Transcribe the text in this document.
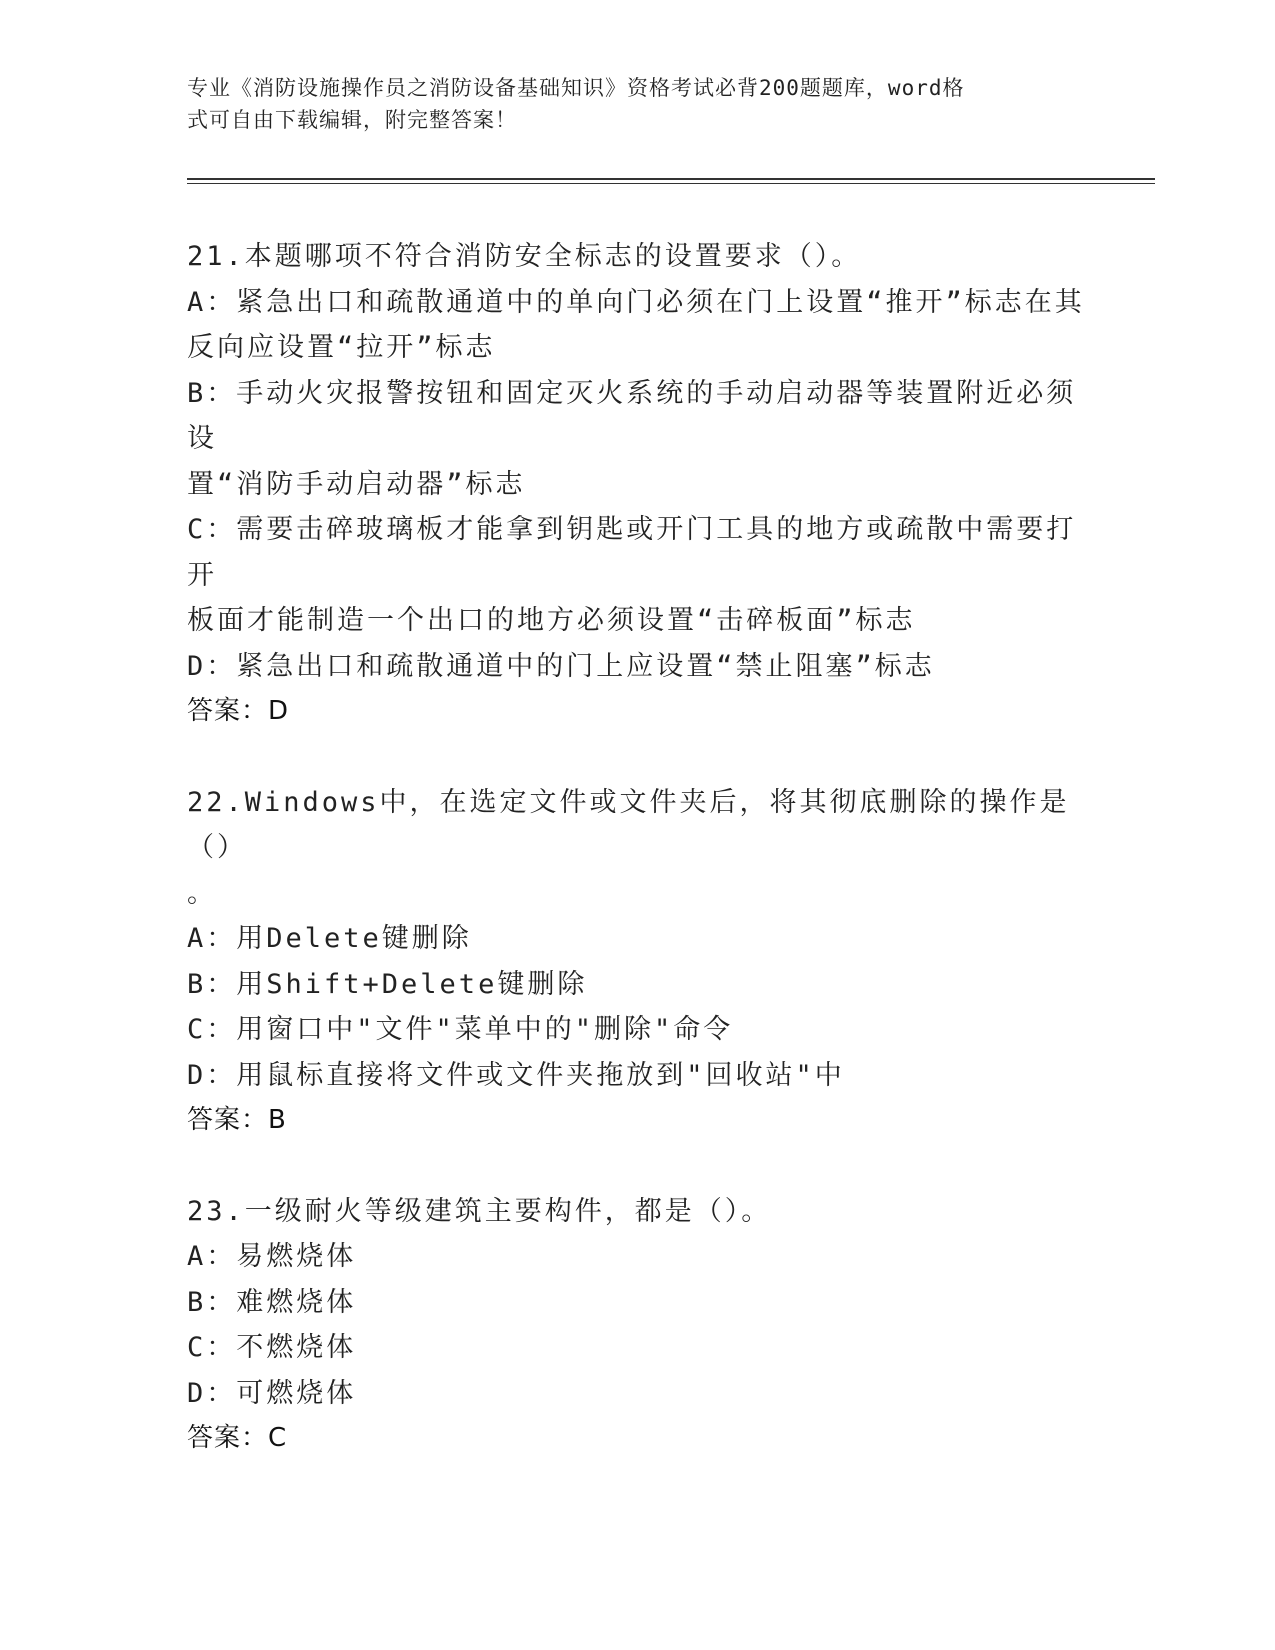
专业《消防设施操作员之消防设备基础知识》资格考试必背200题题库，word格
式可自由下载编辑，附完整答案！

21.本题哪项不符合消防安全标志的设置要求（）。

A：紧急出口和疏散通道中的单向门必须在门上设置“推开”标志在其

反向应设置“拉开”标志

B：手动火灾报警按钮和固定灭火系统的手动启动器等装置附近必须设

置“消防手动启动器”标志

C：需要击碎玻璃板才能拿到钥匙或开门工具的地方或疏散中需要打开

板面才能制造一个出口的地方必须设置“击碎板面”标志

D：紧急出口和疏散通道中的门上应设置“禁止阻塞”标志

答案：D

22.Windows中，在选定文件或文件夹后，将其彻底删除的操作是（）

。

A：用Delete键删除

B：用Shift+Delete键删除

C：用窗口中"文件"菜单中的"删除"命令

D：用鼠标直接将文件或文件夹拖放到"回收站"中

答案：B

23.一级耐火等级建筑主要构件，都是（）。

A：易燃烧体

B：难燃烧体

C：不燃烧体

D：可燃烧体

答案：C
